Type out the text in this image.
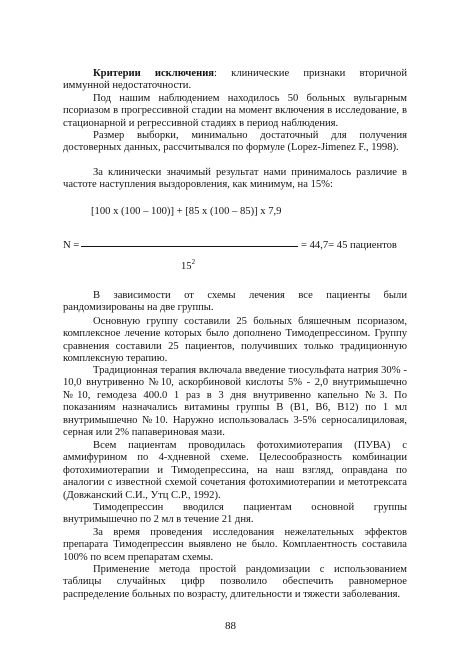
Критерии исключения: клинические признаки вторичной иммунной недостаточности.

Под нашим наблюдением находилось 50 больных вульгарным псориазом в прогрессивной стадии на момент включения в исследование, в стационарной и регрессивной стадиях в период наблюдения.

Размер выборки, минимально достаточный для получения достоверных данных, рассчитывался по формуле (Lopez-Jimenez F., 1998).

За клинически значимый результат нами принималось различие в частоте наступления выздоровления, как минимум, на 15%:

[100 x (100 – 100)] + [85 x (100 – 85)] x 7,9
N =	= 44,7= 45 пациентов
$15^2$

В зависимости от схемы лечения все пациенты были рандомизированы на две группы.

Основную группу составили 25 больных бляшечным псориазом, комплексное лечение которых было дополнено Тимодепрессином. Группу сравнения составили 25 пациентов, получивших только традиционную комплексную терапию.

Традиционная терапия включала введение тиосульфата натрия 30% - 10,0 внутривенно №10, аскорбиновой кислоты 5% - 2,0 внутримышечно №10, гемодеза 400.0 1 раз в 3 дня внутривенно капельно №3. По показаниям назначались витамины группы В (В1, В6, В12) по 1 мл внутримышечно №10. Наружно использовалась 3-5% серносалициловая, серная или 2% папавериновая мази.

Всем пациентам проводилась фотохимиотерапия (ПУВА) с аммифурином по 4-хдневной схеме. Целесообразность комбинации фотохимиотерапии и Тимодепрессина, на наш взгляд, оправдана по аналогии с известной схемой сочетания фотохимиотерапии и метотрексата (Довжанский С.И., Утц С.Р., 1992).

Тимодепрессин вводился пациентам основной группы внутримышечно по 2 мл в течение 21 дня.

За время проведения исследования нежелательных эффектов препарата Тимодепрессин выявлено не было. Комплаентность составила 100% по всем препаратам схемы.

Применение метода простой рандомизации с использованием таблицы случайных цифр позволило обеспечить равномерное распределение больных по возрасту, длительности и тяжести заболевания.

88
